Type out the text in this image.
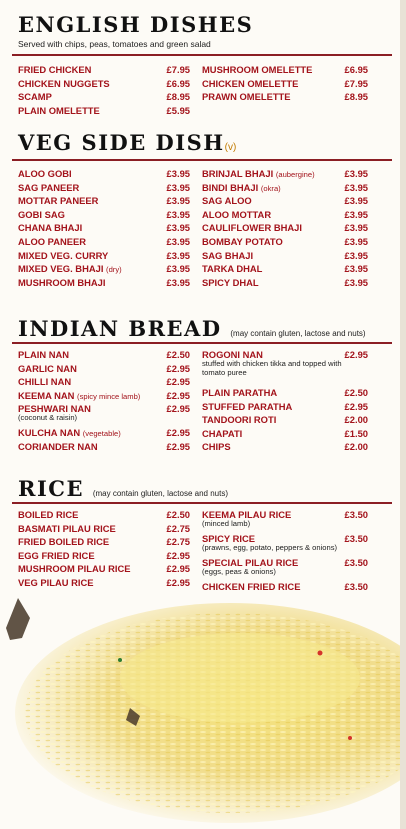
ENGLISH DISHES
Served with chips, peas, tomatoes and green salad
FRIED CHICKEN	£7.95
CHICKEN NUGGETS	£6.95
SCAMP	£8.95
PLAIN OMELETTE	£5.95
MUSHROOM OMELETTE	£6.95
CHICKEN OMELETTE	£7.95
PRAWN OMELETTE	£8.95
VEG SIDE DISH(v)
ALOO GOBI	£3.95
SAG PANEER	£3.95
MOTTAR PANEER	£3.95
GOBI SAG	£3.95
CHANA BHAJI	£3.95
ALOO PANEER	£3.95
MIXED VEG. CURRY	£3.95
MIXED VEG. BHAJI (dry)	£3.95
MUSHROOM BHAJI	£3.95
BRINJAL BHAJI (aubergine)	£3.95
BINDI BHAJI (okra)	£3.95
SAG ALOO	£3.95
ALOO MOTTAR	£3.95
CAULIFLOWER BHAJI	£3.95
BOMBAY POTATO	£3.95
SAG BHAJI	£3.95
TARKA DHAL	£3.95
SPICY DHAL	£3.95
INDIAN BREAD (may contain gluten, lactose and nuts)
PLAIN NAN	£2.50
GARLIC NAN	£2.95
CHILLI NAN	£2.95
KEEMA NAN (spicy mince lamb)	£2.95
PESHWARI NAN	£2.95
(coconut & raisin)
KULCHA NAN (vegetable)	£2.95
CORIANDER NAN	£2.95
ROGONI NAN	£2.95
stuffed with chicken tikka and topped with tomato puree
PLAIN PARATHA	£2.50
STUFFED PARATHA	£2.95
TANDOORI ROTI	£2.00
CHAPATI	£1.50
CHIPS	£2.00
RICE (may contain gluten, lactose and nuts)
BOILED RICE	£2.50
BASMATI PILAU RICE	£2.75
FRIED BOILED RICE	£2.75
EGG FRIED RICE	£2.95
MUSHROOM PILAU RICE	£2.95
VEG PILAU RICE	£2.95
KEEMA PILAU RICE	£3.50
(minced lamb)
SPICY RICE	£3.50
(prawns, egg, potato, peppers & onions)
SPECIAL PILAU RICE	£3.50
(eggs, peas & onions)
CHICKEN FRIED RICE	£3.50
